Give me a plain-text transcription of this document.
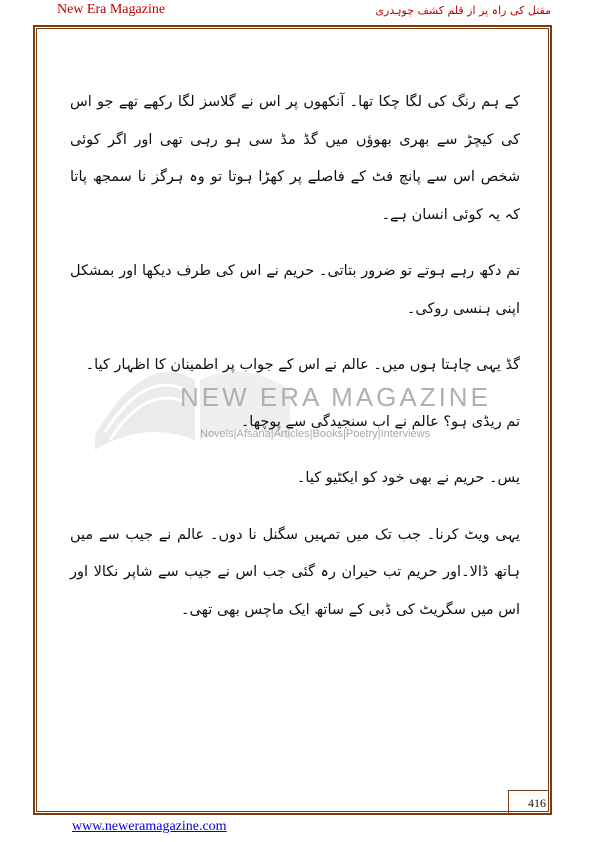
New Era Magazine	مقتل کی راہ پر از قلم کشف چوہدری
NEW ERA MAGAZINE
Novels|Afsana|Articles|Books|Poetry|Interviews

کے ہم رنگ کی لگا چکا تھا۔ آنکھوں پر اس نے گلاسز لگا رکھے تھے جو اس کی کیچڑ سے بھری بھوؤں میں گڈ مڈ سی ہو رہی تھی اور اگر کوئی شخص اس سے پانچ فٹ کے فاصلے پر کھڑا ہوتا تو وہ ہرگز نا سمجھ پاتا کہ یہ کوئی انسان ہے۔

تم دکھ رہے ہوتے تو ضرور بتاتی۔ حریم نے اس کی طرف دیکھا اور بمشکل اپنی ہنسی روکی۔

گڈ یہی چاہتا ہوں میں۔ عالم نے اس کے جواب پر اطمینان کا اظہار کیا۔

تم ریڈی ہو؟ عالم نے اب سنجیدگی سے پوچھا۔

یس۔ حریم نے بھی خود کو ایکٹیو کیا۔

یہی ویٹ کرنا۔ جب تک میں تمہیں سگنل نا دوں۔ عالم نے جیب سے میں ہاتھ ڈالا۔اور حریم تب حیران رہ گئی جب اس نے جیب سے شاپر نکالا اور اس میں سگریٹ کی ڈبی کے ساتھ ایک ماچس بھی تھی۔

416
www.neweramagazine.com
